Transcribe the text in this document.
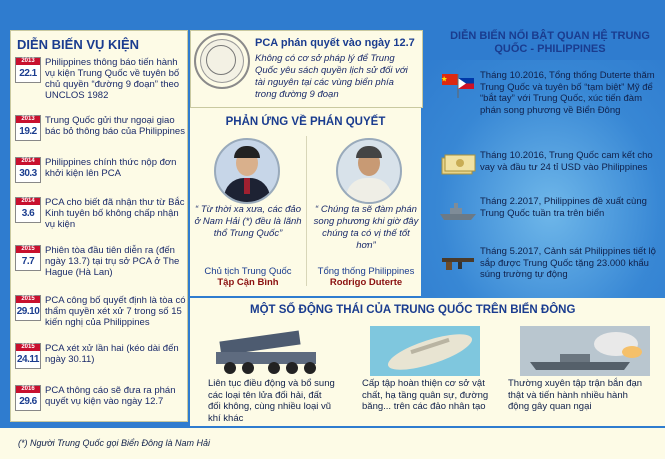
DIỄN BIẾN VỤ KIỆN
2013
22.1
Philippines thông báo tiến hành vụ kiện Trung Quốc về tuyên bố chủ quyền “đường 9 đoạn” theo UNCLOS 1982
2013
19.2
Trung Quốc gửi thư ngoại giao bác bỏ thông báo của Philippines
2014
30.3
Philippines chính thức nộp đơn khởi kiện lên PCA
2014
3.6
PCA cho biết đã nhận thư từ Bắc Kinh tuyên bố không chấp nhận vụ kiện
2015
7.7
Phiên tòa đầu tiên diễn ra (đến ngày 13.7) tại trụ sở PCA ở The Hague (Hà Lan)
2015
29.10
PCA công bố quyết định là tòa có thẩm quyền xét xử 7 trong số 15 kiến nghị của Philippines
2015
24.11
PCA xét xử lần hai (kéo dài đến ngày 30.11)
2016
29.6
PCA thông cáo sẽ đưa ra phán quyết vụ kiện vào ngày 12.7
PCA phán quyết vào ngày 12.7
Không có cơ sở pháp lý để Trung Quốc yêu sách quyền lịch sử đối với tài nguyên tại các vùng biển phía trong đường 9 đoạn
PHẢN ỨNG VỀ PHÁN QUYẾT
“ Từ thời xa xưa, các đảo ở Nam Hải (*) đều là lãnh thổ Trung Quốc”
Chủ tịch Trung Quốc
Tập Cận Bình
“ Chúng ta sẽ đàm phán song phương khi giờ đây chúng ta có vị thế tốt hơn”
Tổng thống Philippines
Rodrigo Duterte
DIỄN BIẾN NỔI BẬT QUAN HỆ TRUNG QUỐC - PHILIPPINES
Tháng 10.2016, Tổng thống Duterte thăm Trung Quốc và tuyên bố “tạm biệt” Mỹ để “bắt tay” với Trung Quốc, xúc tiến đàm phán song phương về Biển Đông
Tháng 10.2016, Trung Quốc cam kết cho vay và đầu tư 24 tỉ USD vào Philippines
Tháng 2.2017, Philippines đề xuất cùng Trung Quốc tuần tra trên biển
Tháng 5.2017, Cảnh sát Philippines tiết lộ sắp được Trung Quốc tặng 23.000 khẩu súng trường tự động
MỘT SỐ ĐỘNG THÁI CỦA TRUNG QUỐC TRÊN BIỂN ĐÔNG
Liên tục điều động và bổ sung các loại tên lửa đối hải, đất đối không, cùng nhiều loại vũ khí khác
Cấp tập hoàn thiện cơ sở vật chất, hạ tầng quân sự, đường băng... trên các đảo nhân tạo
Thường xuyên tập trận bắn đạn thật và tiến hành nhiều hành động gây quan ngại
(*) Người Trung Quốc gọi Biển Đông là Nam Hải
